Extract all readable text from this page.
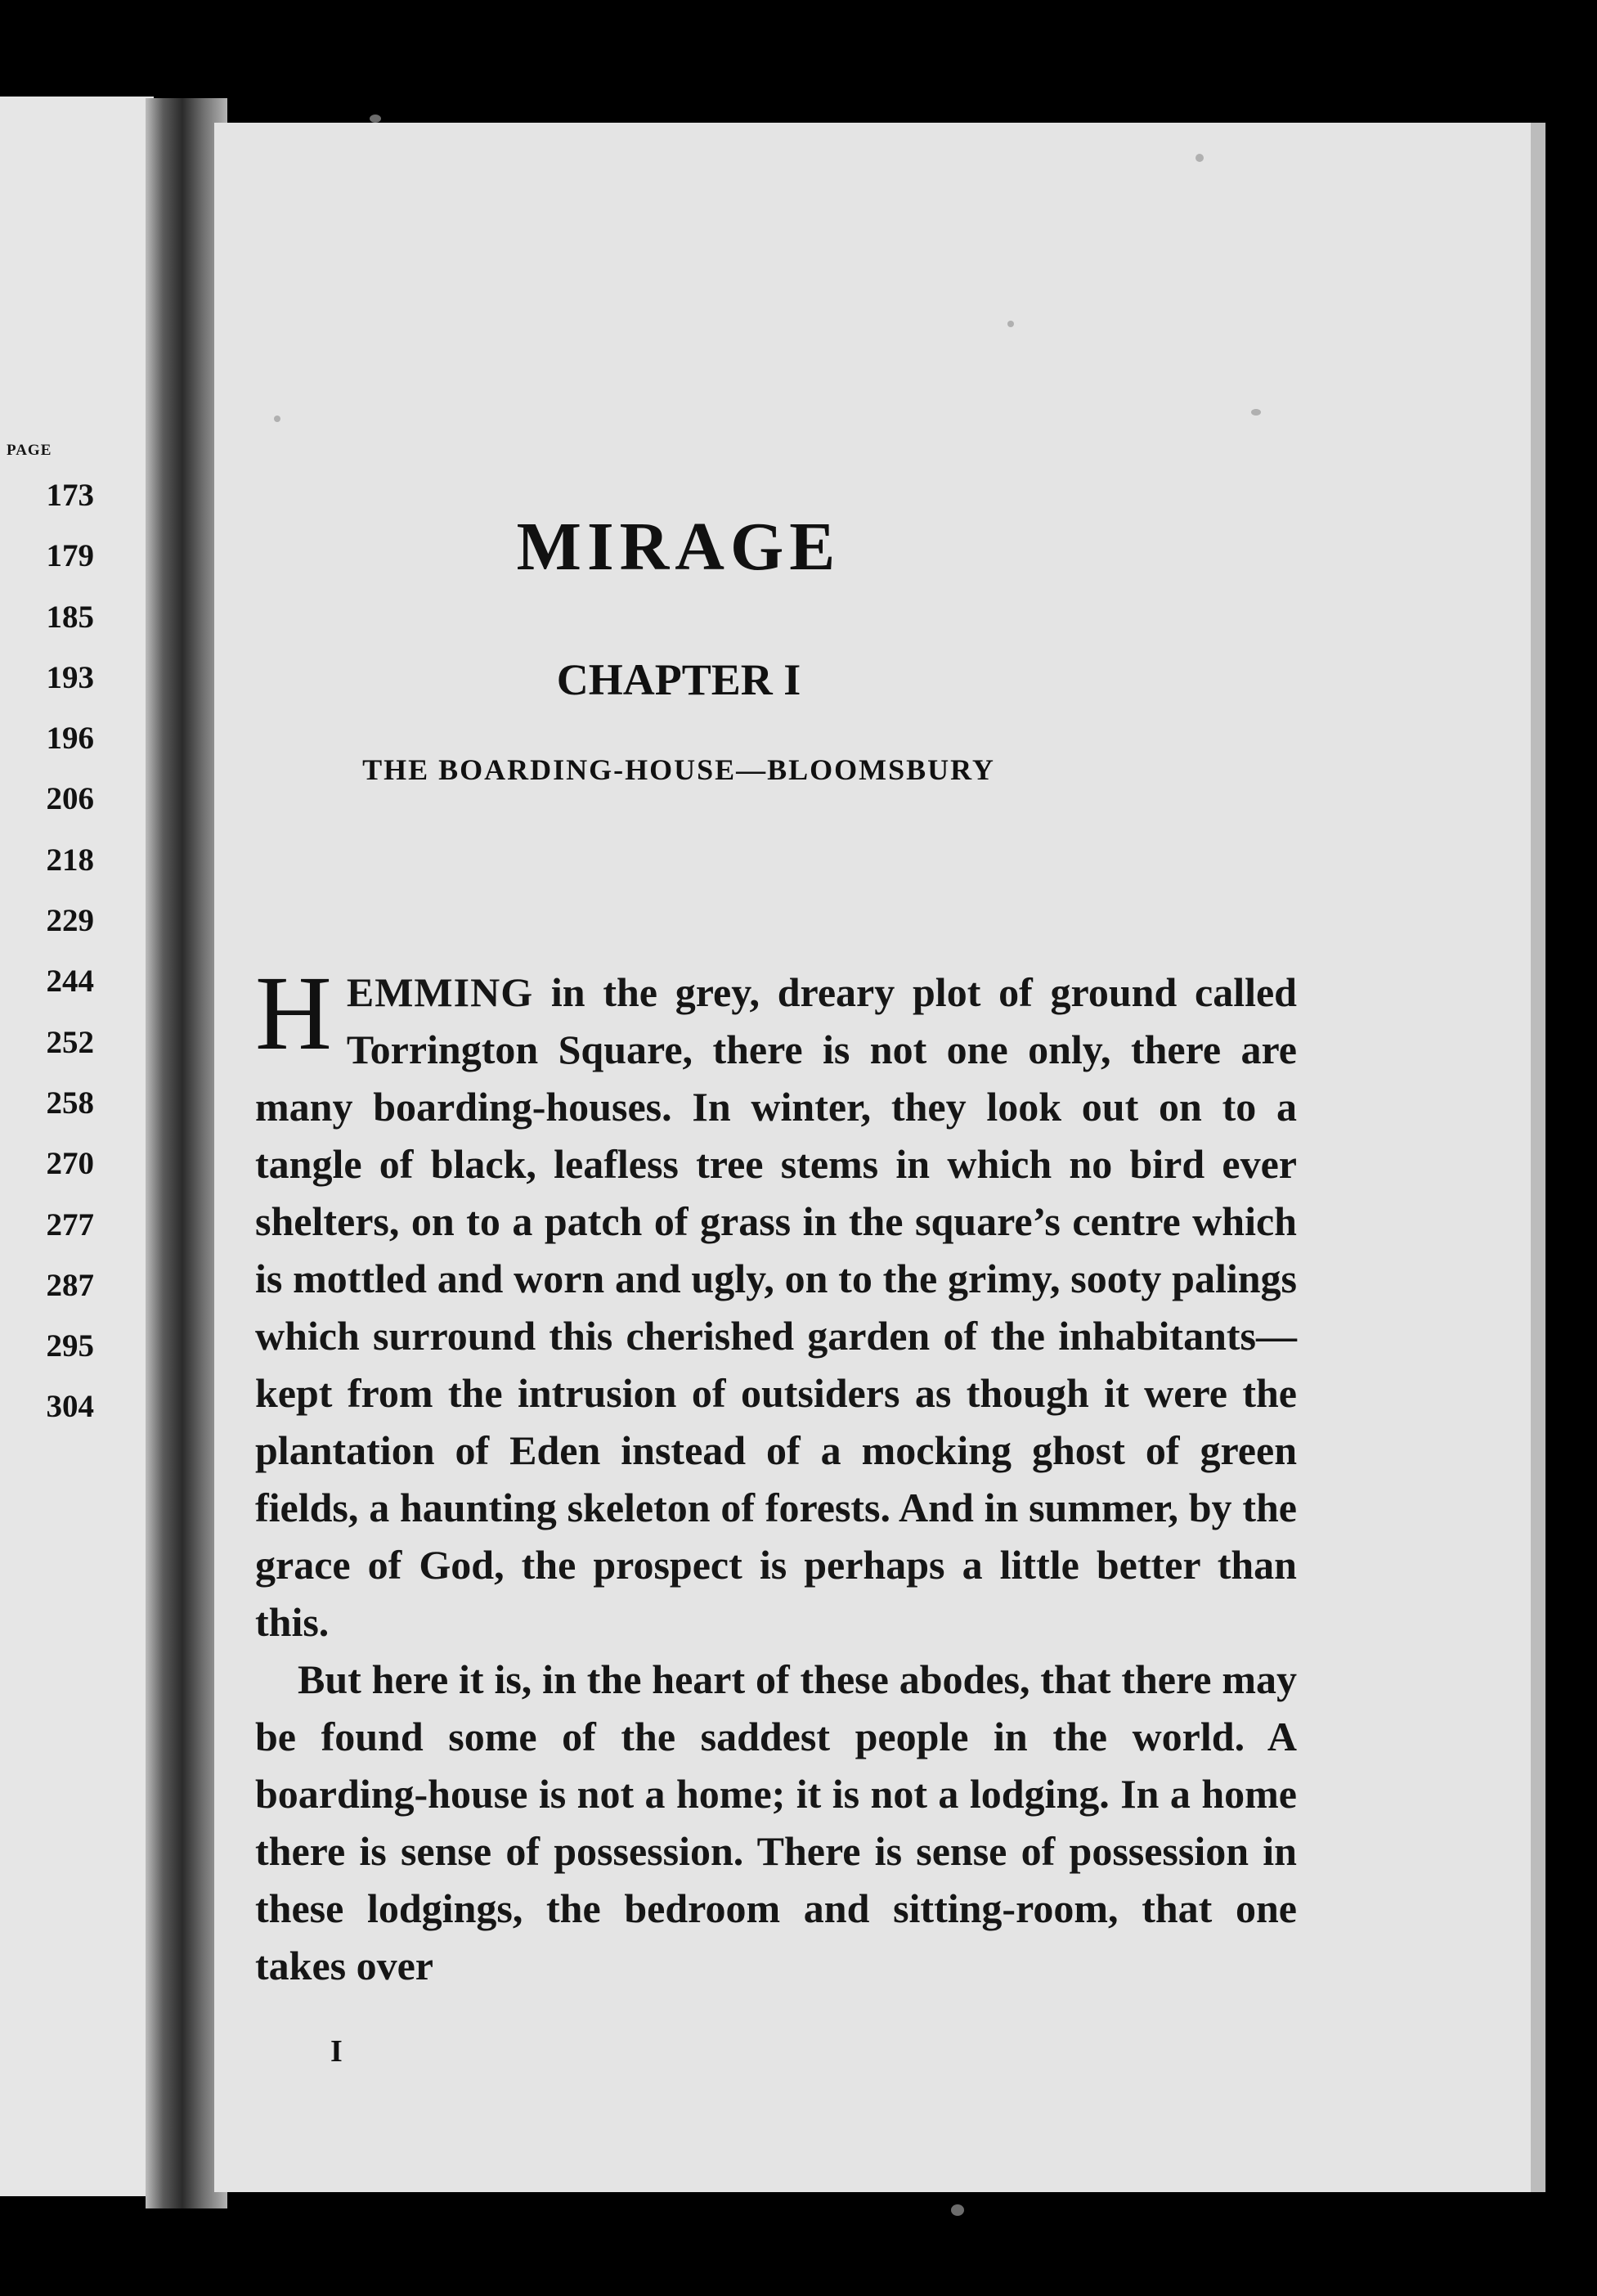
PAGE
173
179
185
193
196
206
218
229
244
252
258
270
277
287
295
304
MIRAGE
CHAPTER I
THE BOARDING-HOUSE—BLOOMSBURY

HEMMING in the grey, dreary plot of ground called Torrington Square, there is not one only, there are many boarding-houses. In winter, they look out on to a tangle of black, leafless tree stems in which no bird ever shelters, on to a patch of grass in the square’s centre which is mottled and worn and ugly, on to the grimy, sooty palings which surround this cherished garden of the inhabitants—kept from the intrusion of outsiders as though it were the plantation of Eden instead of a mocking ghost of green fields, a haunting skeleton of forests. And in summer, by the grace of God, the prospect is perhaps a little better than this.

But here it is, in the heart of these abodes, that there may be found some of the saddest people in the world. A boarding-house is not a home; it is not a lodging. In a home there is sense of possession. There is sense of possession in these lodgings, the bedroom and sitting-room, that one takes over

I
